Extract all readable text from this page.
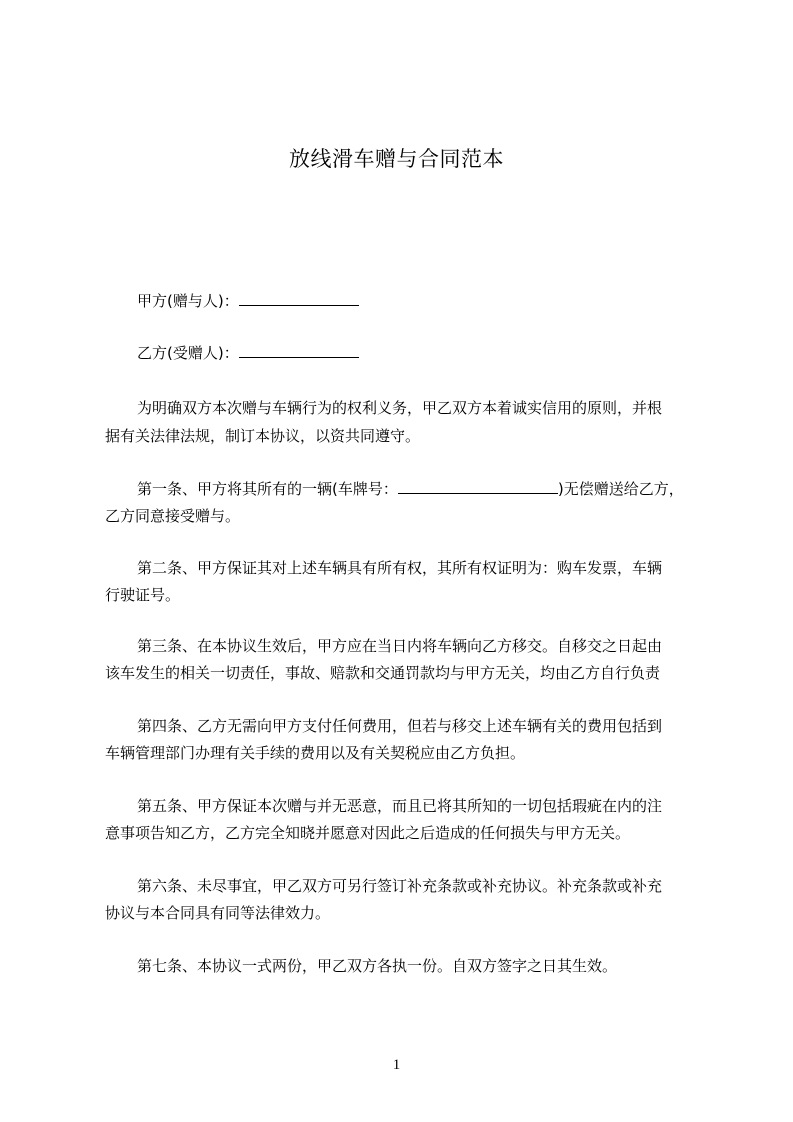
放线滑车赠与合同范本
甲方(赠与人)：
乙方(受赠人)：
为明确双方本次赠与车辆行为的权利义务，甲乙双方本着诚实信用的原则，并根
据有关法律法规，制订本协议，以资共同遵守。
第一条、甲方将其所有的一辆(车牌号：	)无偿赠送给乙方，
乙方同意接受赠与。
第二条、甲方保证其对上述车辆具有所有权，其所有权证明为：购车发票，车辆
行驶证号。
第三条、在本协议生效后，甲方应在当日内将车辆向乙方移交。自移交之日起由
该车发生的相关一切责任，事故、赔款和交通罚款均与甲方无关，均由乙方自行负责
第四条、乙方无需向甲方支付任何费用，但若与移交上述车辆有关的费用包括到
车辆管理部门办理有关手续的费用以及有关契税应由乙方负担。
第五条、甲方保证本次赠与并无恶意，而且已将其所知的一切包括瑕疵在内的注
意事项告知乙方，乙方完全知晓并愿意对因此之后造成的任何损失与甲方无关。
第六条、未尽事宜，甲乙双方可另行签订补充条款或补充协议。补充条款或补充
协议与本合同具有同等法律效力。
第七条、本协议一式两份，甲乙双方各执一份。自双方签字之日其生效。
1
